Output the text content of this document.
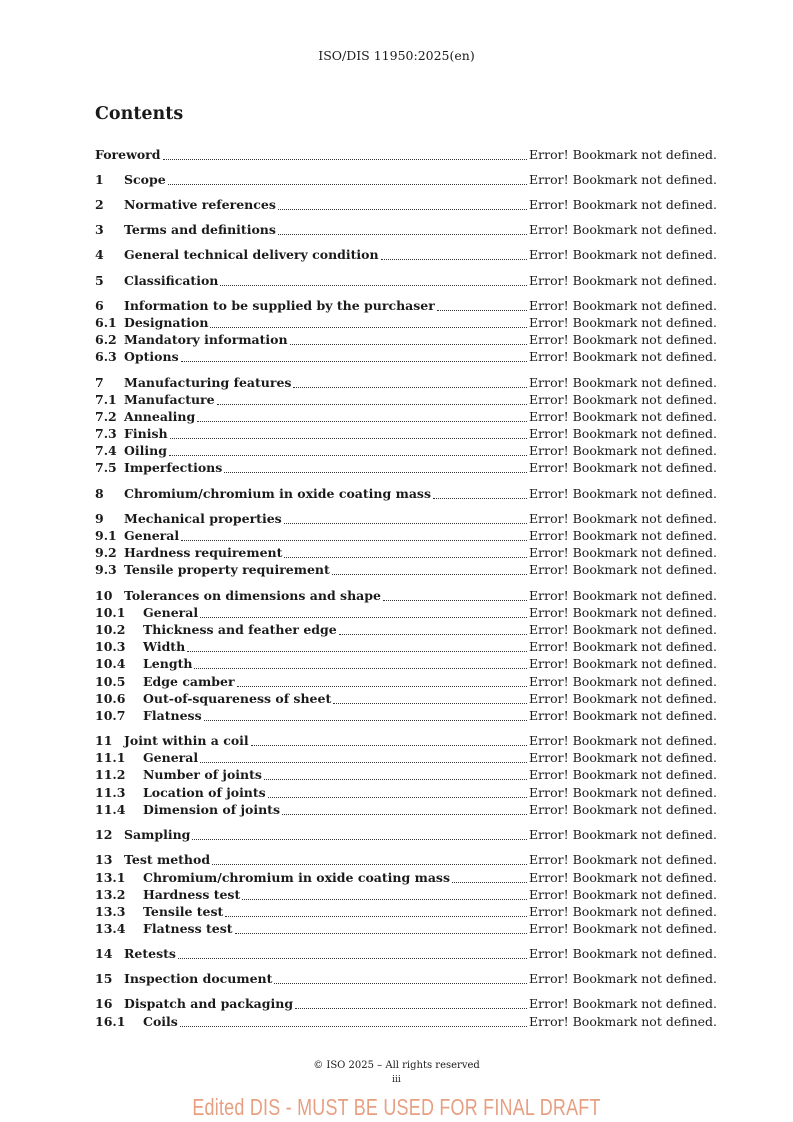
ISO/DIS 11950:2025(en)
Contents
Foreword	Error! Bookmark not defined.
1	Scope	Error! Bookmark not defined.
2	Normative references	Error! Bookmark not defined.
3	Terms and definitions	Error! Bookmark not defined.
4	General technical delivery condition	Error! Bookmark not defined.
5	Classification	Error! Bookmark not defined.
6	Information to be supplied by the purchaser	Error! Bookmark not defined.
6.1 Designation	Error! Bookmark not defined.
6.2 Mandatory information	Error! Bookmark not defined.
6.3 Options	Error! Bookmark not defined.
7	Manufacturing features	Error! Bookmark not defined.
7.1 Manufacture	Error! Bookmark not defined.
7.2 Annealing	Error! Bookmark not defined.
7.3 Finish	Error! Bookmark not defined.
7.4 Oiling	Error! Bookmark not defined.
7.5 Imperfections	Error! Bookmark not defined.
8	Chromium/chromium in oxide coating mass	Error! Bookmark not defined.
9	Mechanical properties	Error! Bookmark not defined.
9.1 General	Error! Bookmark not defined.
9.2 Hardness requirement	Error! Bookmark not defined.
9.3 Tensile property requirement	Error! Bookmark not defined.
10 Tolerances on dimensions and shape	Error! Bookmark not defined.
10.1	General	Error! Bookmark not defined.
10.2	Thickness and feather edge	Error! Bookmark not defined.
10.3	Width	Error! Bookmark not defined.
10.4	Length	Error! Bookmark not defined.
10.5	Edge camber	Error! Bookmark not defined.
10.6	Out-of-squareness of sheet	Error! Bookmark not defined.
10.7	Flatness	Error! Bookmark not defined.
11 Joint within a coil	Error! Bookmark not defined.
11.1	General	Error! Bookmark not defined.
11.2	Number of joints	Error! Bookmark not defined.
11.3	Location of joints	Error! Bookmark not defined.
11.4	Dimension of joints	Error! Bookmark not defined.
12 Sampling	Error! Bookmark not defined.
13 Test method	Error! Bookmark not defined.
13.1	Chromium/chromium in oxide coating mass	Error! Bookmark not defined.
13.2	Hardness test	Error! Bookmark not defined.
13.3	Tensile test	Error! Bookmark not defined.
13.4	Flatness test	Error! Bookmark not defined.
14 Retests	Error! Bookmark not defined.
15 Inspection document	Error! Bookmark not defined.
16 Dispatch and packaging	Error! Bookmark not defined.
16.1	Coils	Error! Bookmark not defined.
© ISO 2025 – All rights reserved
iii
Edited DIS - MUST BE USED FOR FINAL DRAFT
